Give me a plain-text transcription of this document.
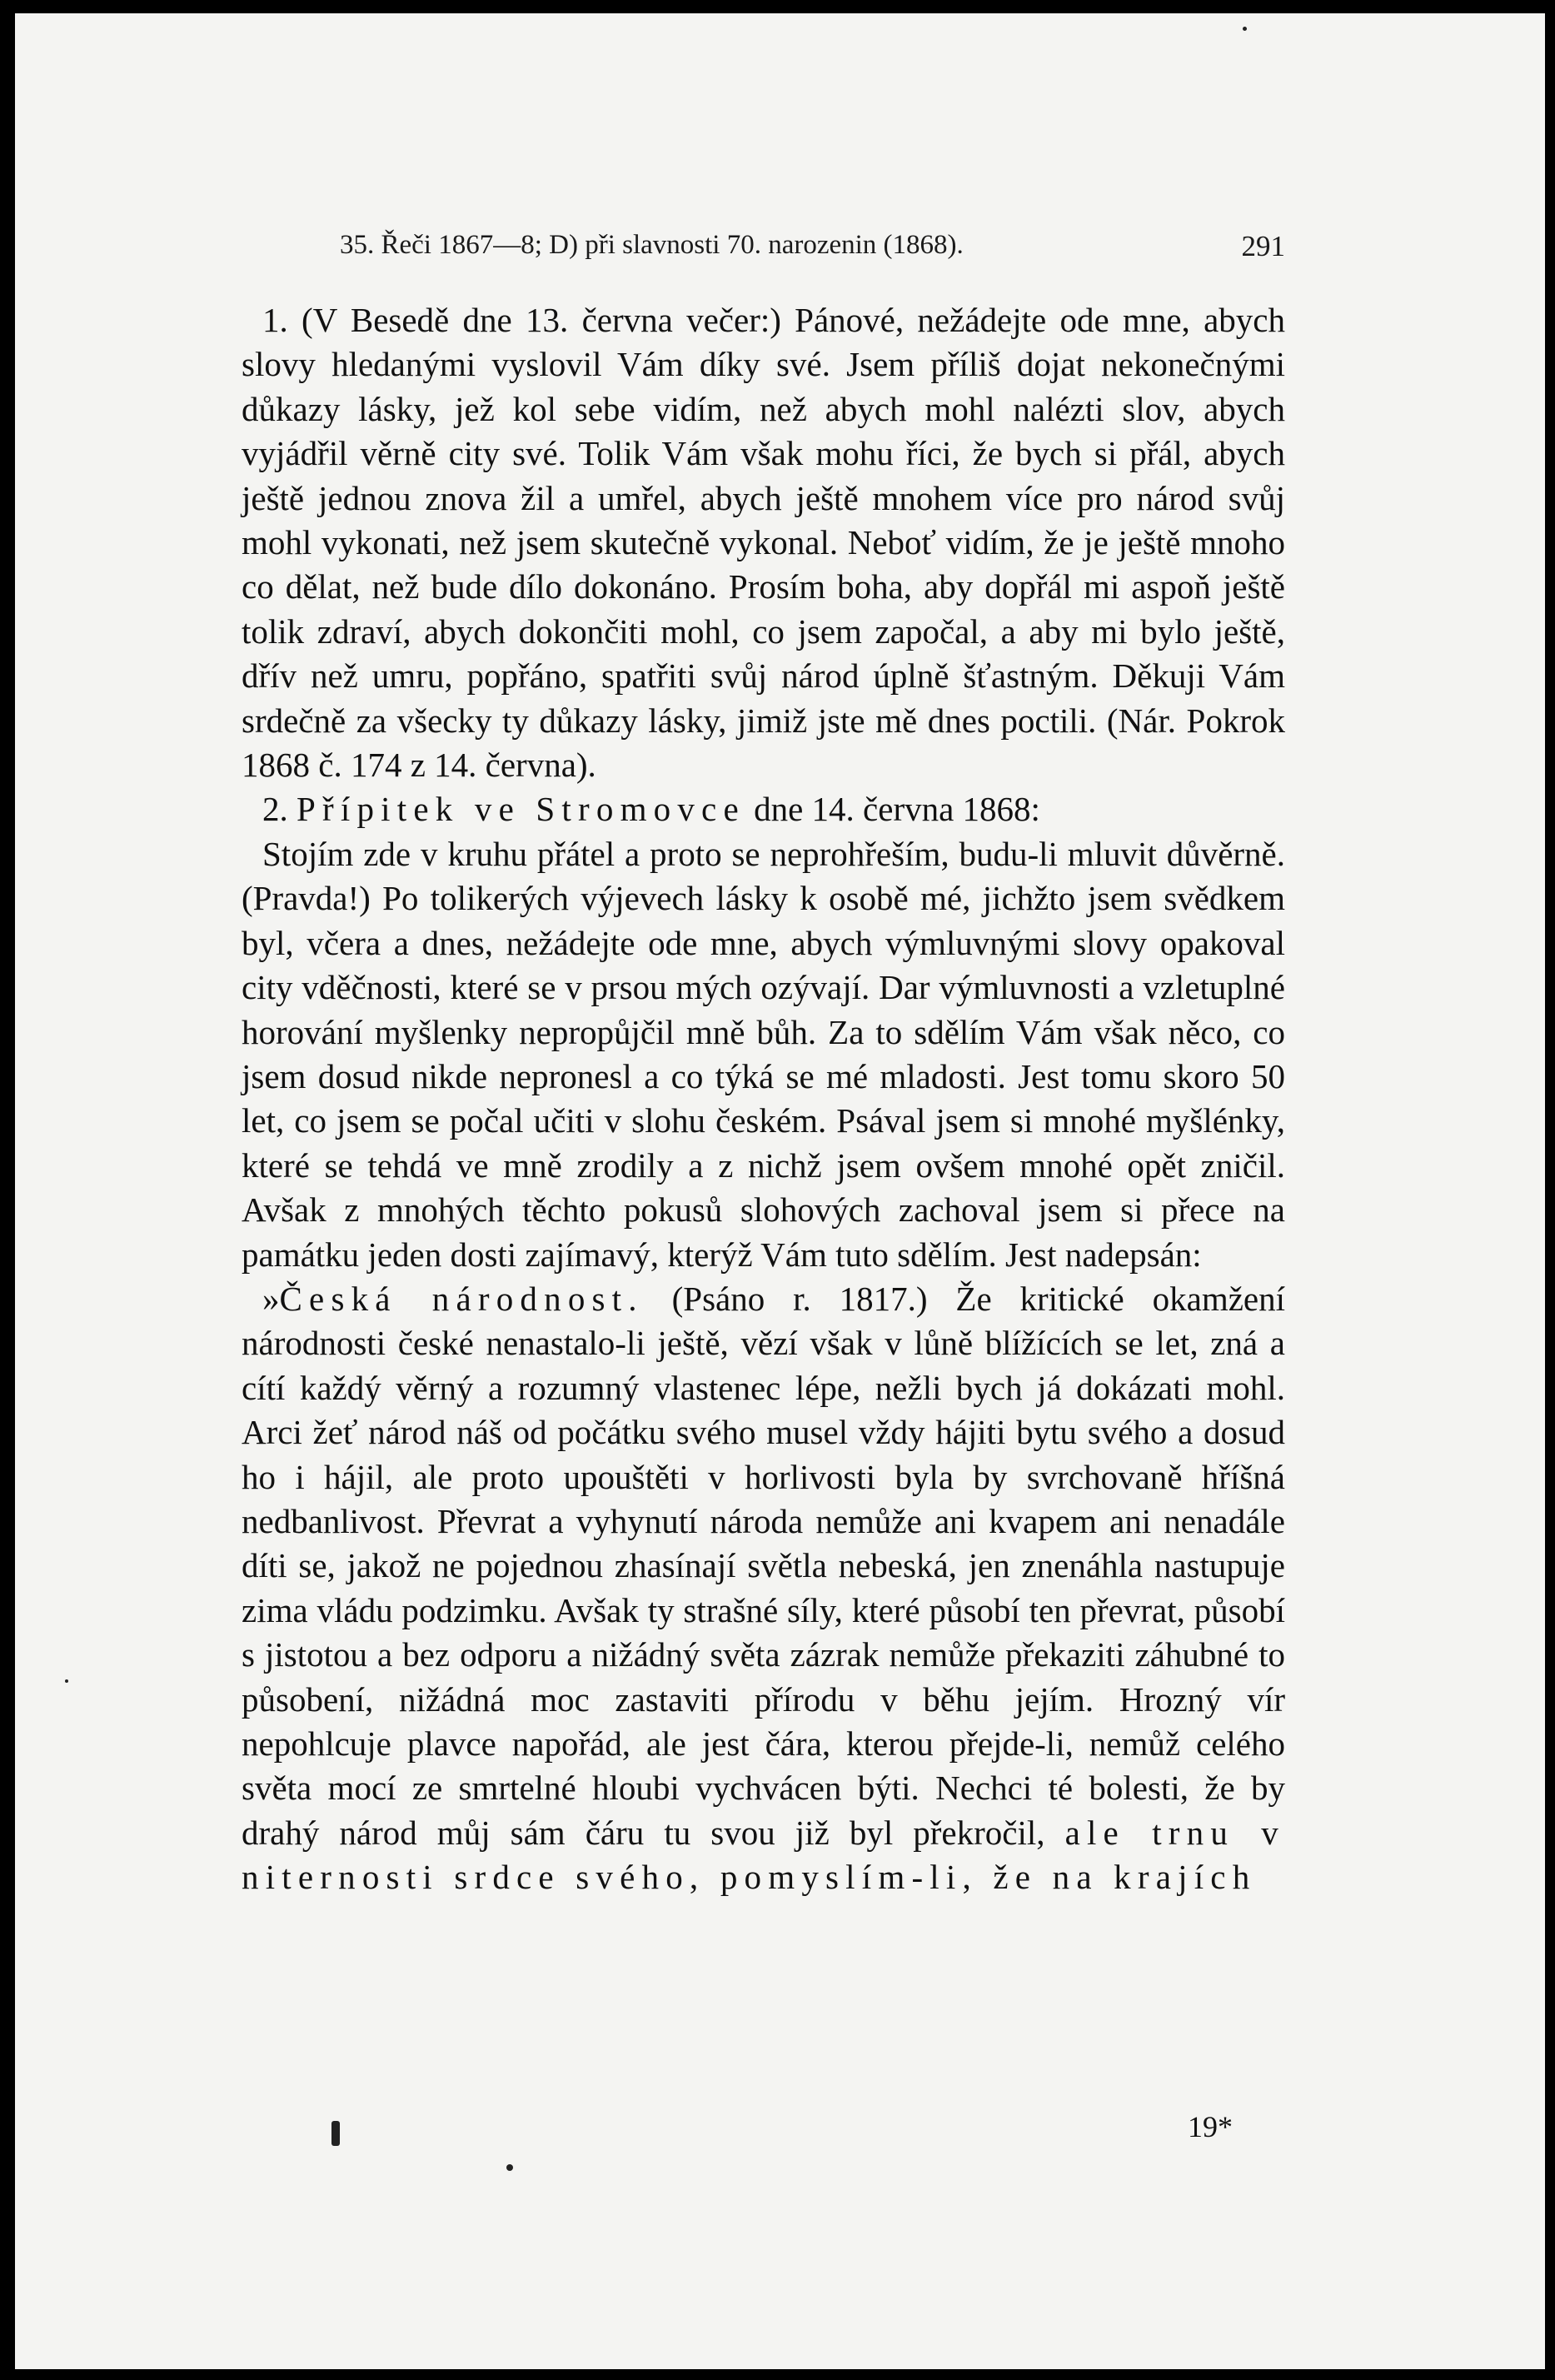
35. Řeči 1867—8; D) při slavnosti 70. narozenin (1868).	291

1. (V Besedě dne 13. června večer:) Pánové, nežádejte ode mne, abych slovy hledanými vyslovil Vám díky své. Jsem příliš dojat nekonečnými důkazy lásky, jež kol sebe vidím, než abych mohl nalézti slov, abych vyjádřil věrně city své. Tolik Vám však mohu říci, že bych si přál, abych ještě jednou znova žil a umřel, abych ještě mnohem více pro národ svůj mohl vykonati, než jsem skutečně vykonal. Neboť vidím, že je ještě mnoho co dělat, než bude dílo dokonáno. Prosím boha, aby dopřál mi aspoň ještě tolik zdraví, abych dokončiti mohl, co jsem započal, a aby mi bylo ještě, dřív než umru, popřáno, spatřiti svůj národ úplně šťastným. Děkuji Vám srdečně za všecky ty důkazy lásky, jimiž jste mě dnes poctili. (Nár. Pokrok 1868 č. 174 z 14. června).

2. Přípitek ve Stromovce dne 14. června 1868:

Stojím zde v kruhu přátel a proto se neprohřeším, budu-li mluvit důvěrně. (Pravda!) Po tolikerých výjevech lásky k osobě mé, jichžto jsem svědkem byl, včera a dnes, nežádejte ode mne, abych výmluvnými slovy opakoval city vděčnosti, které se v prsou mých ozývají. Dar výmluvnosti a vzletuplné horování myšlenky nepropůjčil mně bůh. Za to sdělím Vám však něco, co jsem dosud nikde nepronesl a co týká se mé mladosti. Jest tomu skoro 50 let, co jsem se počal učiti v slohu českém. Psával jsem si mnohé myšlénky, které se tehdá ve mně zrodily a z nichž jsem ovšem mnohé opět zničil. Avšak z mnohých těchto pokusů slohových zachoval jsem si přece na památku jeden dosti zajímavý, kterýž Vám tuto sdělím. Jest nadepsán:

»Česká národnost. (Psáno r. 1817.) Že kritické okamžení národnosti české nenastalo-li ještě, vězí však v lůně blížících se let, zná a cítí každý věrný a rozumný vlastenec lépe, nežli bych já dokázati mohl. Arci žeť národ náš od počátku svého musel vždy hájiti bytu svého a dosud ho i hájil, ale proto upouštěti v horlivosti byla by svrchovaně hříšná nedbanlivost. Převrat a vyhynutí národa nemůže ani kvapem ani nenadále díti se, jakož ne pojednou zhasínají světla nebeská, jen znenáhla nastupuje zima vládu podzimku. Avšak ty strašné síly, které působí ten převrat, působí s jistotou a bez odporu a nižádný světa zázrak nemůže překaziti záhubné to působení, nižádná moc zastaviti přírodu v běhu jejím. Hrozný vír nepohlcuje plavce napořád, ale jest čára, kterou přejde-li, nemůž celého světa mocí ze smrtelné hloubi vychvácen býti. Nechci té bolesti, že by drahý národ můj sám čáru tu svou již byl překročil, ale trnu v niternosti srdce svého, pomyslím-li, že na krajích

19*
